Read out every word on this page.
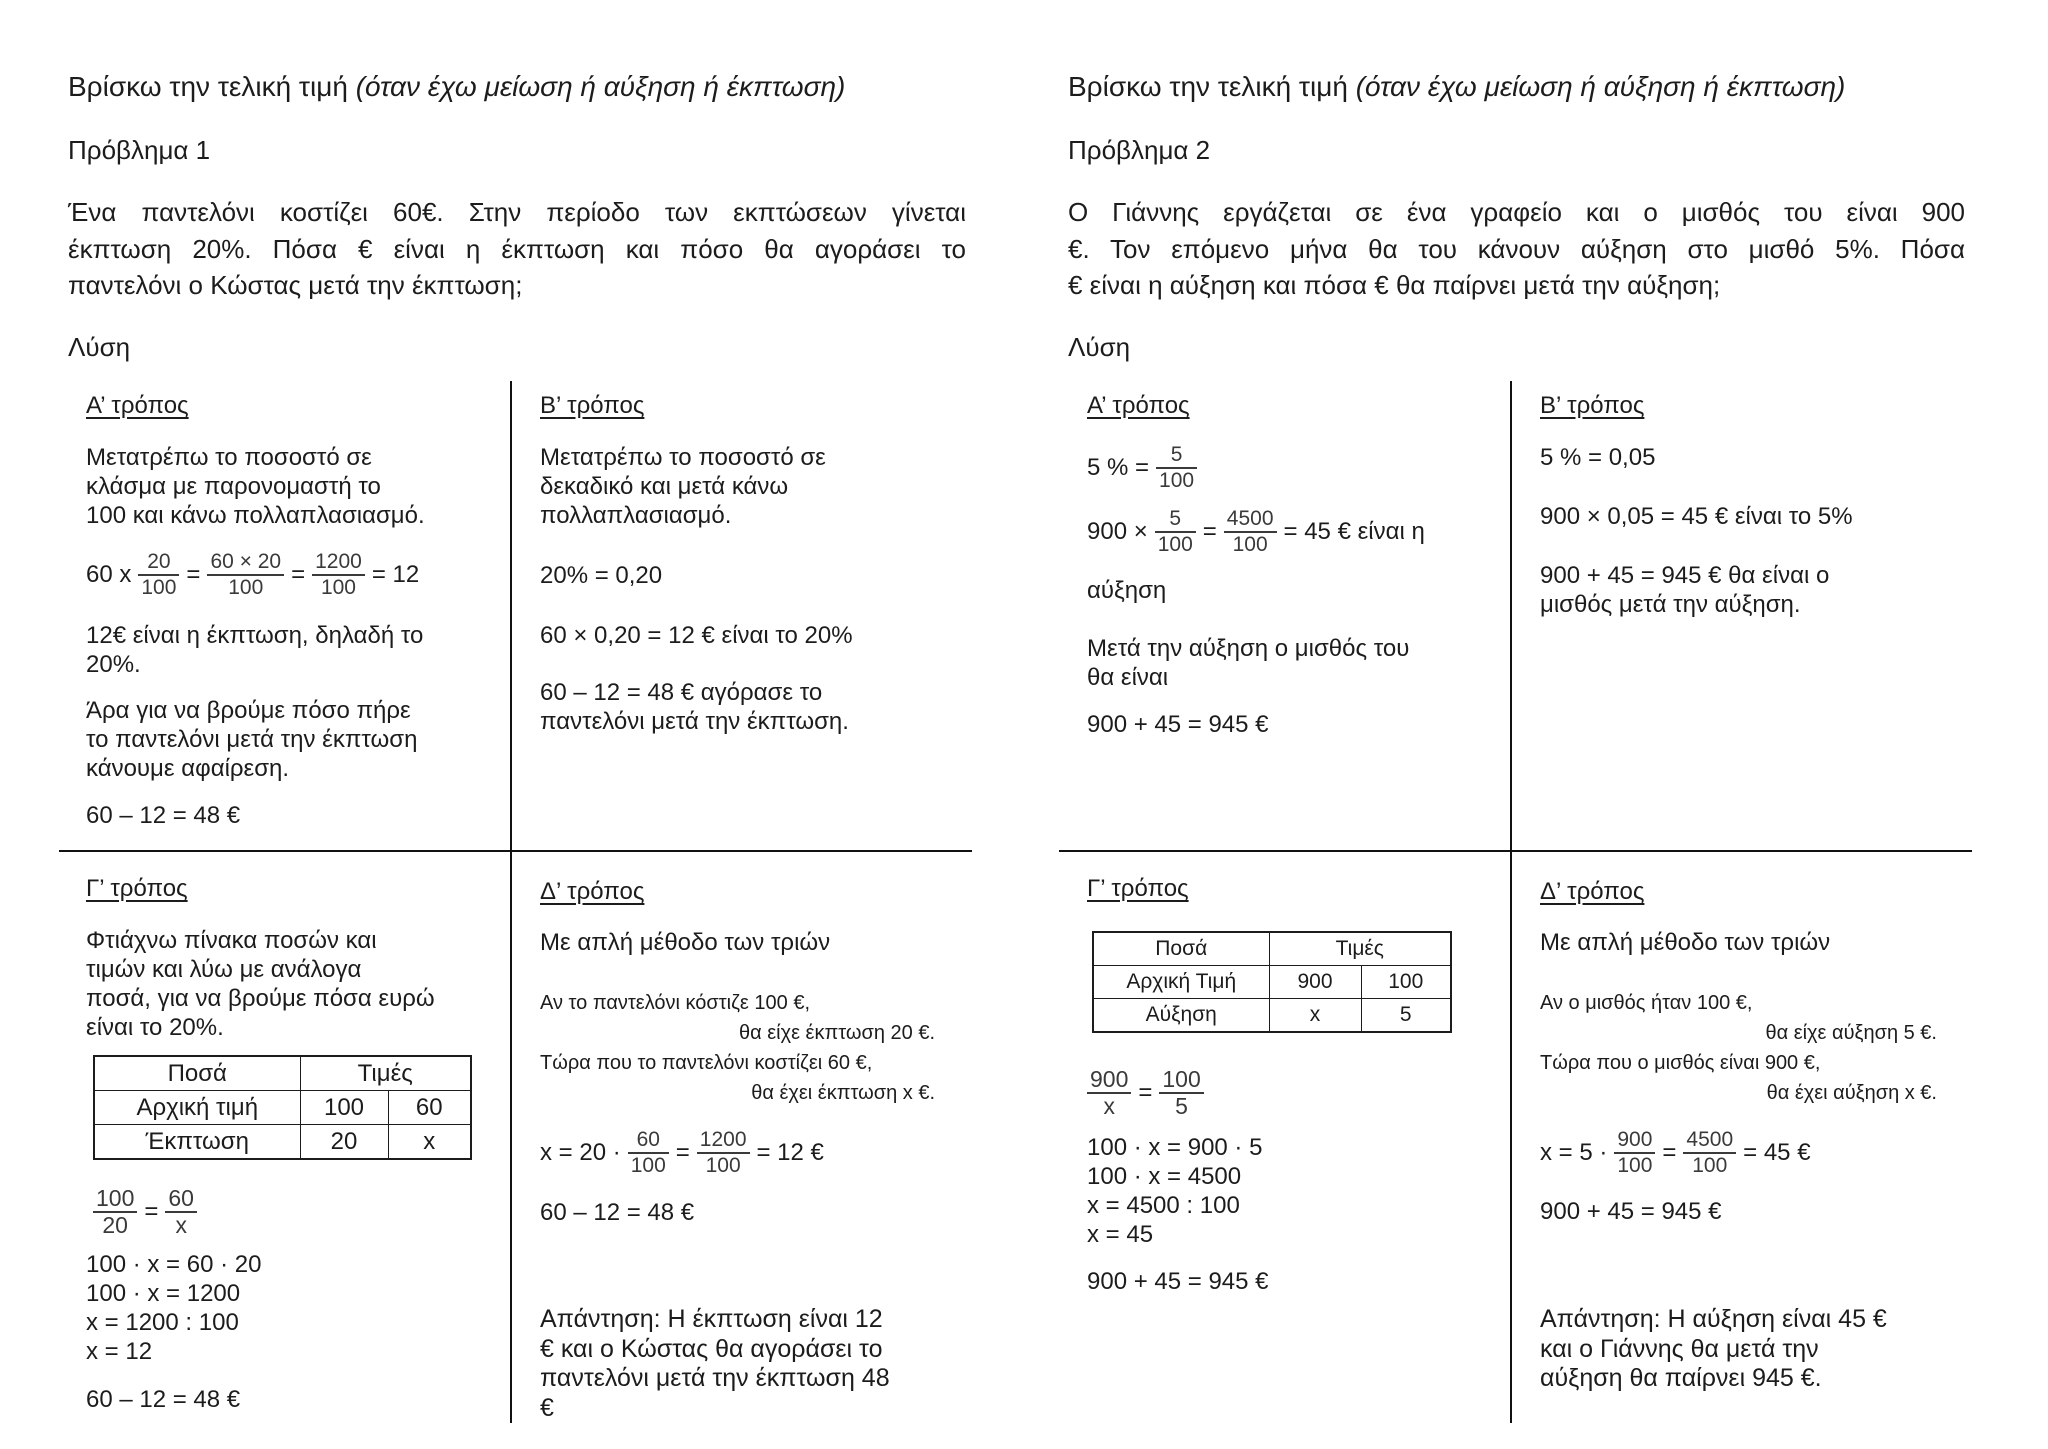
Βρίσκω την τελική τιμή (όταν έχω μείωση ή αύξηση ή έκπτωση)
Πρόβλημα 1
Ένα παντελόνι κοστίζει 60€. Στην περίοδο των εκπτώσεων γίνεται
έκπτωση 20%. Πόσα € είναι η έκπτωση και πόσο θα αγοράσει το
παντελόνι ο Κώστας μετά την έκπτωση;
Λύση
Α’ τρόπος
Μετατρέπω το ποσοστό σε
κλάσμα με παρονομαστή το
100 και κάνω πολλαπλασιασμό.
60 x $\frac{20}{100} = \frac{60 \times 20}{100} = \frac{1200}{100} = 12$
12€ είναι η έκπτωση, δηλαδή το
20%.
Άρα για να βρούμε πόσο πήρε
το παντελόνι μετά την έκπτωση
κάνουμε αφαίρεση.
60 – 12 = 48 €
Β’ τρόπος
Μετατρέπω το ποσοστό σε
δεκαδικό και μετά κάνω
πολλαπλασιασμό.
20% = 0,20
60 × 0,20 = 12 € είναι το 20%
60 – 12 = 48 € αγόρασε το
παντελόνι μετά την έκπτωση.
Γ’ τρόπος
Φτιάχνω πίνακα ποσών και
τιμών και λύω με ανάλογα
ποσά, για να βρούμε πόσα ευρώ
είναι το 20%.
Ποσά	Τιμές	
Αρχική τιμή	100	60
Έκπτωση	20	x
$\frac{100}{20} = \frac{60}{x}$
100 · x = 60 · 20
100 · x = 1200
x = 1200 : 100
x = 12
60 – 12 = 48 €
Δ’ τρόπος
Με απλή μέθοδο των τριών
Αν το παντελόνι κόστιζε 100 €,
θα είχε έκπτωση 20 €.
Τώρα που το παντελόνι κοστίζει 60 €,
θα έχει έκπτωση x €.
$x = 20 \cdot \frac{60}{100} = \frac{1200}{100} = 12$ €
60 – 12 = 48 €
Απάντηση: Η έκπτωση είναι 12
€ και ο Κώστας θα αγοράσει το
παντελόνι μετά την έκπτωση 48
€
Βρίσκω την τελική τιμή (όταν έχω μείωση ή αύξηση ή έκπτωση)
Πρόβλημα 2
Ο Γιάννης εργάζεται σε ένα γραφείο και ο μισθός του είναι 900
€. Τον επόμενο μήνα θα του κάνουν αύξηση στο μισθό 5%. Πόσα
€ είναι η αύξηση και πόσα € θα παίρνει μετά την αύξηση;
Λύση
Α’ τρόπος
5 % = $\frac{5}{100}$
$900 \times \frac{5}{100} = \frac{4500}{100} = 45$ € είναι η
αύξηση
Μετά την αύξηση ο μισθός του
θα είναι
900 + 45 = 945 €
Β’ τρόπος
5 % = 0,05
900 × 0,05 = 45 € είναι το 5%
900 + 45 = 945 € θα είναι ο
μισθός μετά την αύξηση.
Γ’ τρόπος
Ποσά	Τιμές	
Αρχική Τιμή	900	100
Αύξηση	x	5
$\frac{900}{x} = \frac{100}{5}$
100 · x = 900 · 5
100 · x = 4500
x = 4500 : 100
x = 45
900 + 45 = 945 €
Δ’ τρόπος
Με απλή μέθοδο των τριών
Αν ο μισθός ήταν 100 €,
θα είχε αύξηση 5 €.
Τώρα που ο μισθός είναι 900 €,
θα έχει αύξηση x €.
$x = 5 \cdot \frac{900}{100} = \frac{4500}{100} = 45$ €
900 + 45 = 945 €
Απάντηση: Η αύξηση είναι 45 €
και ο Γιάννης θα μετά την
αύξηση θα παίρνει 945 €.
